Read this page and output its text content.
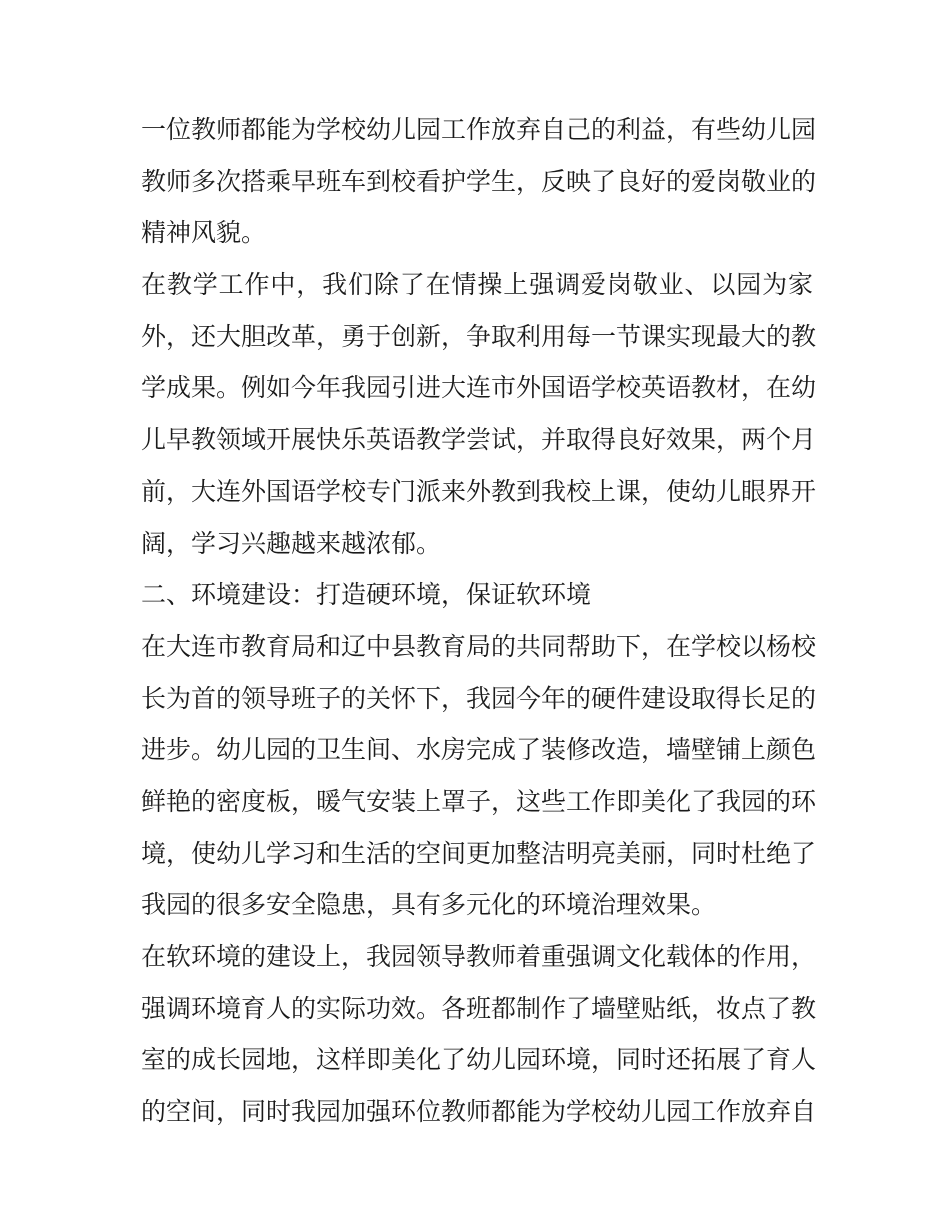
一位教师都能为学校幼儿园工作放弃自己的利益，有些幼儿园
教师多次搭乘早班车到校看护学生，反映了良好的爱岗敬业的
精神风貌。
在教学工作中，我们除了在情操上强调爱岗敬业、以园为家
外，还大胆改革，勇于创新，争取利用每一节课实现最大的教
学成果。例如今年我园引进大连市外国语学校英语教材，在幼
儿早教领域开展快乐英语教学尝试，并取得良好效果，两个月
前，大连外国语学校专门派来外教到我校上课，使幼儿眼界开
阔，学习兴趣越来越浓郁。
二、环境建设：打造硬环境，保证软环境
在大连市教育局和辽中县教育局的共同帮助下，在学校以杨校
长为首的领导班子的关怀下，我园今年的硬件建设取得长足的
进步。幼儿园的卫生间、水房完成了装修改造，墙壁铺上颜色
鲜艳的密度板，暖气安装上罩子，这些工作即美化了我园的环
境，使幼儿学习和生活的空间更加整洁明亮美丽，同时杜绝了
我园的很多安全隐患，具有多元化的环境治理效果。
在软环境的建设上，我园领导教师着重强调文化载体的作用，
强调环境育人的实际功效。各班都制作了墙壁贴纸，妆点了教
室的成长园地，这样即美化了幼儿园环境，同时还拓展了育人
的空间，同时我园加强环位教师都能为学校幼儿园工作放弃自
